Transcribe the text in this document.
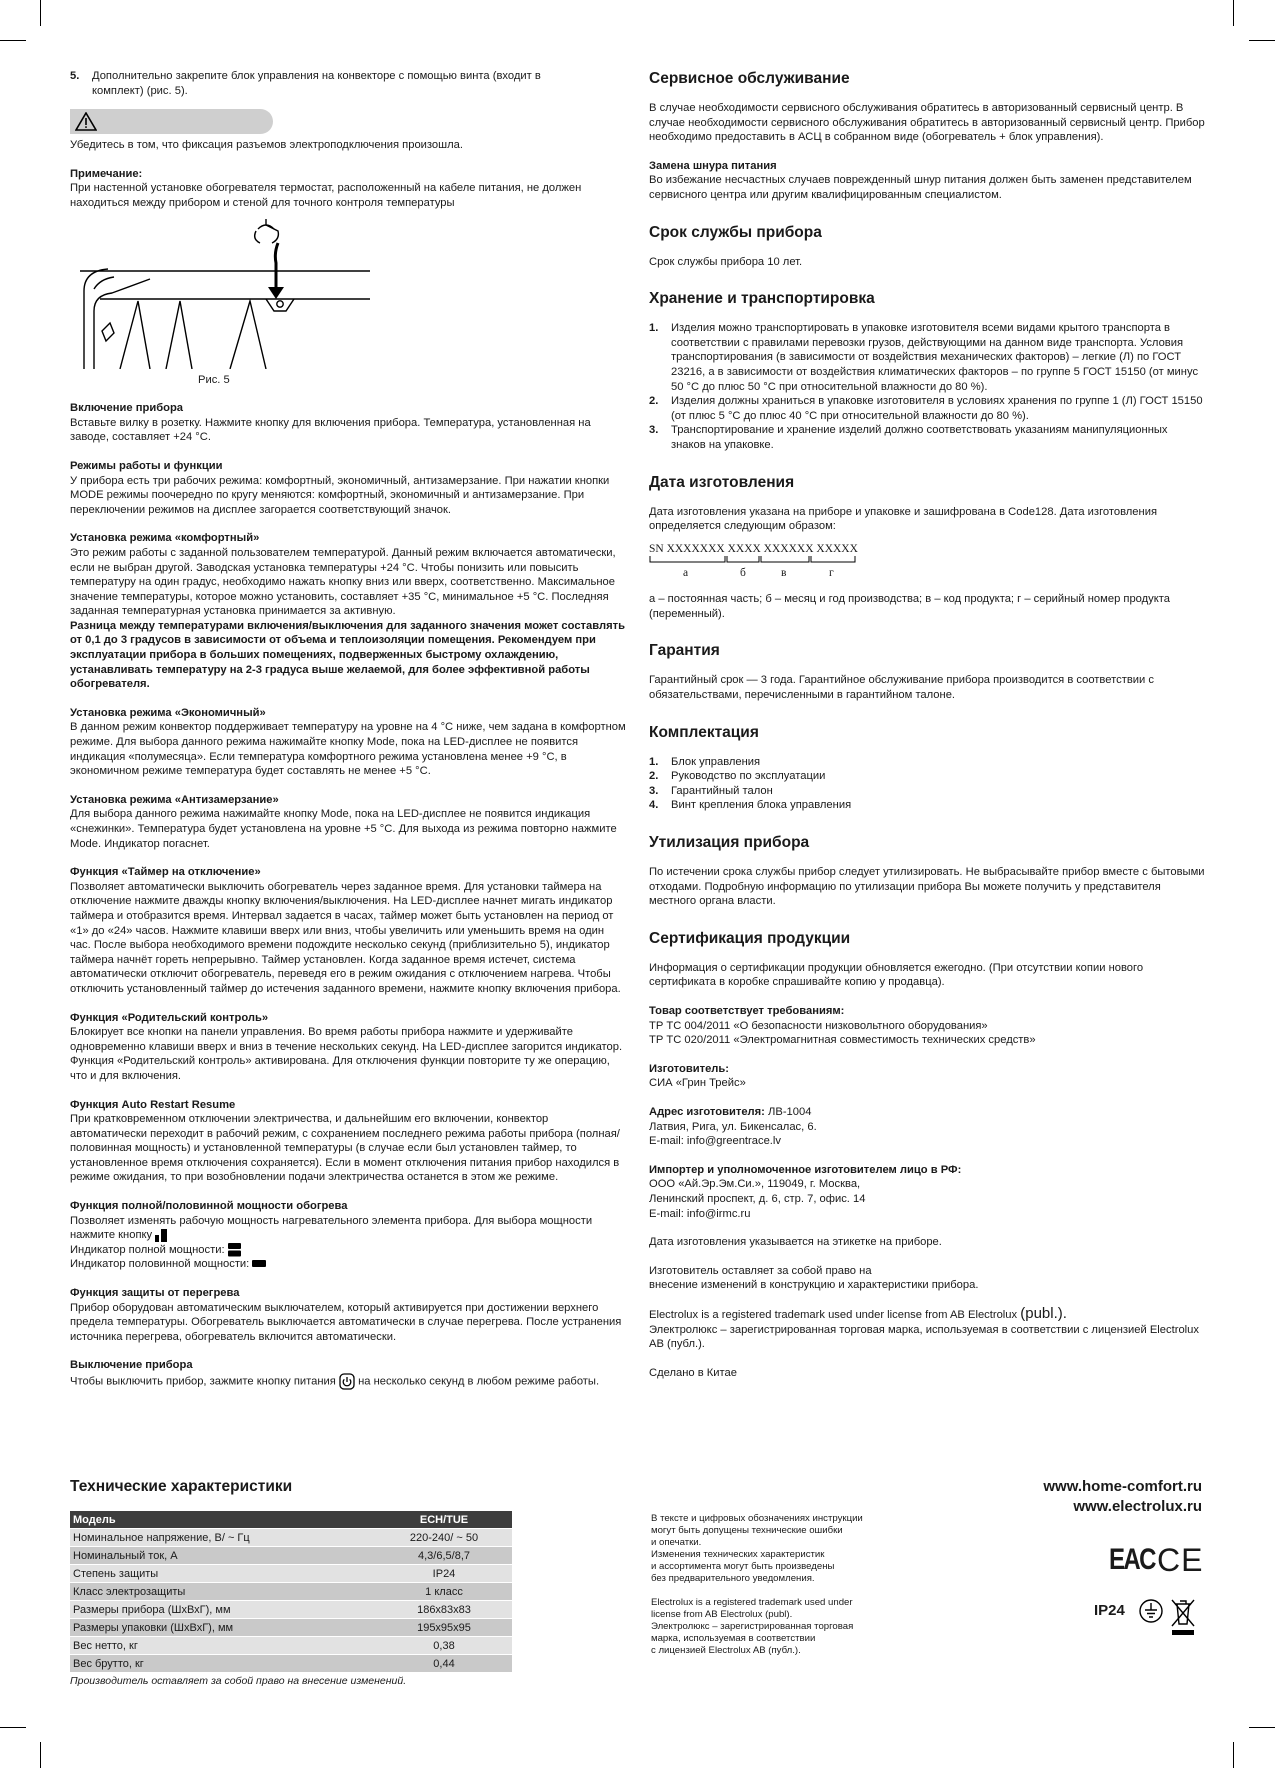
5. Дополнительно закрепите блок управления на конвекторе с помощью винта (входит в комплект) (рис. 5).

Убедитесь в том, что фиксация разъемов электроподключения произошла.

Примечание:

При настенной установке обогревателя термостат, расположенный на кабеле питания, не должен находиться между прибором и стеной для точного контроля температуры

Рис. 5

Включение прибора

Вставьте вилку в розетку. Нажмите кнопку для включения прибора. Температура, установленная на заводе, составляет +24 °С.

Режимы работы и функции

У прибора есть три рабочих режима: комфортный, экономичный, антизамерзание. При нажатии кнопки MODE режимы поочередно по кругу меняются: комфортный, экономичный и антизамерзание. При переключении режимов на дисплее загорается соответствующий значок.

Установка режима «комфортный»

Это режим работы с заданной пользователем температурой. Данный режим включается автоматически, если не выбран другой. Заводская установка температуры +24 °С. Чтобы понизить или повысить температуру на один градус, необходимо нажать кнопку вниз или вверх, соответственно. Максимальное значение температуры, которое можно установить, составляет +35 °С, минимальное +5 °С. Последняя заданная температурная установка принимается за активную.

Разница между температурами включения/выключения для заданного значения может составлять от 0,1 до 3 градусов в зависимости от объема и теплоизоляции помещения. Рекомендуем при эксплуатации прибора в больших помещениях, подверженных быстрому охлаждению, устанавливать температуру на 2-3 градуса выше желаемой, для более эффективной работы обогревателя.

Установка режима «Экономичный»

В данном режим конвектор поддерживает температуру на уровне на 4 °С ниже, чем задана в комфортном режиме. Для выбора данного режима нажимайте кнопку Mode, пока на LED-дисплее не появится индикация «полумесяца». Если температура комфортного режима установлена менее +9 °С, в экономичном режиме температура будет составлять не менее +5 °С.

Установка режима «Антизамерзание»

Для выбора данного режима нажимайте кнопку Mode, пока на LED-дисплее не появится индикация «снежинки». Температура будет установлена на уровне +5 °С. Для выхода из режима повторно нажмите Mode. Индикатор погаснет.

Функция «Таймер на отключение»

Позволяет автоматически выключить обогреватель через заданное время. Для установки таймера на отключение нажмите дважды кнопку включения/выключения. На LED-дисплее начнет мигать индикатор таймера и отобразится время. Интервал задается в часах, таймер может быть установлен на период от «1» до «24» часов. Нажмите клавиши вверх или вниз, чтобы увеличить или уменьшить время на один час. После выбора необходимого времени подождите несколько секунд (приблизительно 5), индикатор таймера начнёт гореть непрерывно. Таймер установлен. Когда заданное время истечет, система автоматически отключит обогреватель, переведя его в режим ожидания с отключением нагрева. Чтобы отключить установленный таймер до истечения заданного времени, нажмите кнопку включения прибора.

Функция «Родительский контроль»

Блокирует все кнопки на панели управления. Во время работы прибора нажмите и удерживайте одновременно клавиши вверх и вниз в течение нескольких секунд. На LED-дисплее загорится индикатор. Функция «Родительский контроль» активирована. Для отключения функции повторите ту же операцию, что и для включения.

Функция Auto Restart Resume

При кратковременном отключении электричества, и дальнейшим его включении, конвектор автоматически переходит в рабочий режим, с сохранением последнего режима работы прибора (полная/половинная мощность) и установленной температуры (в случае если был установлен таймер, то установленное время отключения сохраняется). Если в момент отключения питания прибор находился в режиме ожидания, то при возобновлении подачи электричества останется в этом же режиме.

Функция полной/половинной мощности обогрева

Позволяет изменять рабочую мощность нагревательного элемента прибора. Для выбора мощности нажмите кнопку

Индикатор полной мощности:

Индикатор половинной мощности:

Функция защиты от перегрева

Прибор оборудован автоматическим выключателем, который активируется при достижении верхнего предела температуры. Обогреватель выключается автоматически в случае перегрева. После устранения источника перегрева, обогреватель включится автоматически.

Выключение прибора

Чтобы выключить прибор, зажмите кнопку питания на несколько секунд в любом режиме работы.

Технические характеристики

Модель	ECH/TUE
Номинальное напряжение, В/ ~ Гц	220-240/ ~ 50
Номинальный ток, А	4,3/6,5/8,7
Степень защиты	IP24
Класс электрозащиты	1 класс
Размеры прибора (ШхВхГ), мм	186х83х83
Размеры упаковки (ШхВхГ), мм	195х95х95
Вес нетто, кг	0,38
Вес брутто, кг	0,44

Производитель оставляет за собой право на внесение изменений.

Сервисное обслуживание

В случае необходимости сервисного обслуживания обратитесь в авторизованный сервисный центр. В случае необходимости сервисного обслуживания обратитесь в авторизованный сервисный центр. Прибор необходимо предоставить в АСЦ в собранном виде (обогреватель + блок управления).

Замена шнура питания

Во избежание несчастных случаев поврежденный шнур питания должен быть заменен представителем сервисного центра или другим квалифицированным специалистом.

Срок службы прибора

Срок службы прибора 10 лет.

Хранение и транспортировка

1. Изделия можно транспортировать в упаковке изготовителя всеми видами крытого транспорта в соответствии с правилами перевозки грузов, действующими на данном виде транспорта. Условия транспортирования (в зависимости от воздействия механических факторов) – легкие (Л) по ГОСТ 23216, а в зависимости от воздействия климатических факторов – по группе 5 ГОСТ 15150 (от минус 50 °С до плюс 50 °С при относительной влажности до 80 %).
2. Изделия должны храниться в упаковке изготовителя в условиях хранения по группе 1 (Л) ГОСТ 15150 (от плюс 5 °С до плюс 40 °С при относительной влажности до 80 %).
3. Транспортирование и хранение изделий должно соответствовать указаниям манипуляционных знаков на упаковке.

Дата изготовления

Дата изготовления указана на приборе и упаковке и зашифрована в Code128. Дата изготовления определяется следующим образом:

SN XXXXXXX XXXX XXXXXX XXXXX
а	б	в	г

а – постоянная часть; б – месяц и год производства; в – код продукта; г – серийный номер продукта (переменный).

Гарантия

Гарантийный срок — 3 года. Гарантийное обслуживание прибора производится в соответствии с обязательствами, перечисленными в гарантийном талоне.

Комплектация

1. Блок управления
2. Руководство по эксплуатации
3. Гарантийный талон
4. Винт крепления блока управления

Утилизация прибора

По истечении срока службы прибор следует утилизировать. Не выбрасывайте прибор вместе с бытовыми отходами. Подробную информацию по утилизации прибора Вы можете получить у представителя местного органа власти.

Сертификация продукции

Информация о сертификации продукции обновляется ежегодно. (При отсутствии копии нового сертификата в коробке спрашивайте копию у продавца).

Товар соответствует требованиям:

ТР ТС 004/2011 «О безопасности низковольтного оборудования»

ТР ТС 020/2011 «Электромагнитная совместимость технических средств»

Изготовитель:

СИА «Грин Трейс»

Адрес изготовителя: ЛВ-1004

Латвия, Рига, ул. Бикенсалас, 6.

E-mail: info@greentrace.lv

Импортер и уполномоченное изготовителем лицо в РФ:

ООО «Ай.Эр.Эм.Си.», 119049, г. Москва,

Ленинский проспект, д. 6, стр. 7, офис. 14

E-mail: info@irmc.ru

Дата изготовления указывается на этикетке на приборе.

Изготовитель оставляет за собой право на

внесение изменений в конструкцию и характеристики прибора.

Electrolux is a registered trademark used under license from AB Electrolux (publ.).

Электролюкс – зарегистрированная торговая марка, используемая в соответствии с лицензией Electrolux AB (публ.).

Сделано в Китае

В тексте и цифровых обозначениях инструкции

могут быть допущены технические ошибки

и опечатки.

Изменения технических характеристик

и ассортимента могут быть произведены

без предварительного уведомления.

Electrolux is a registered trademark used under

license from AB Electrolux (publ).

Электролюкс – зарегистрированная торговая

марка, используемая в соответствии

с лицензией Electrolux AB (публ.).

www.home-comfort.ru

www.electrolux.ru

EAC CE
IP24
